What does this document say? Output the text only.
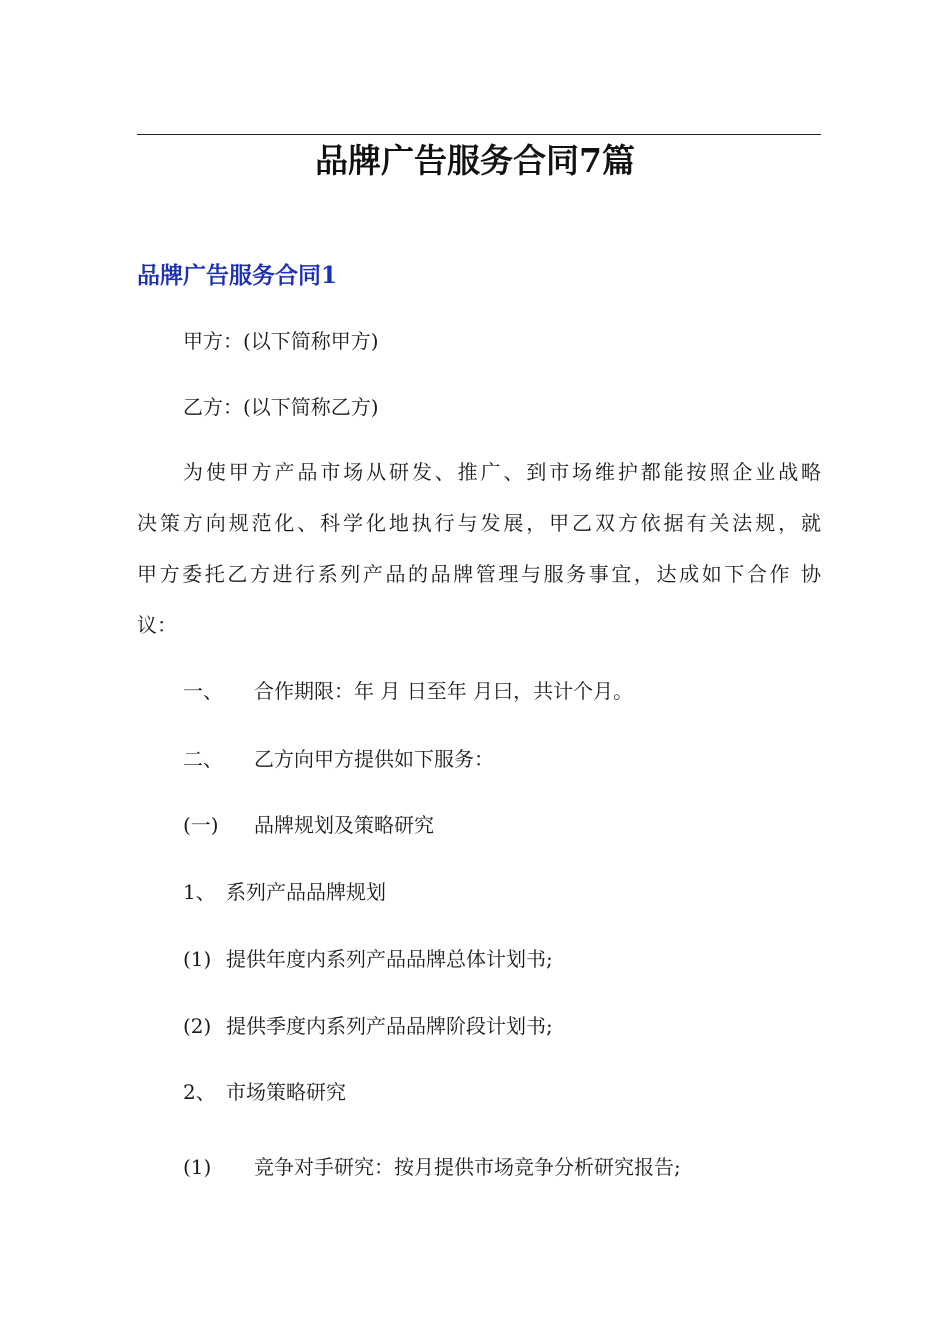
品牌广告服务合同7篇
品牌广告服务合同1
甲方：(以下简称甲方)
乙方：(以下简称乙方)
为使甲方产品市场从研发、推广、到市场维护都能按照企业战略
决策方向规范化、科学化地执行与发展，甲乙双方依据有关法规，就
甲方委托乙方进行系列产品的品牌管理与服务事宜，达成如下合作 协
议：
一、 合作期限：年 月 日至年 月曰，共计个月。
二、 乙方向甲方提供如下服务：
(一) 品牌规划及策略研究
1、 系列产品品牌规划
(1) 提供年度内系列产品品牌总体计划书;
(2) 提供季度内系列产品品牌阶段计划书;
2、 市场策略研究
(1) 竞争对手研究：按月提供市场竞争分析研究报告;
